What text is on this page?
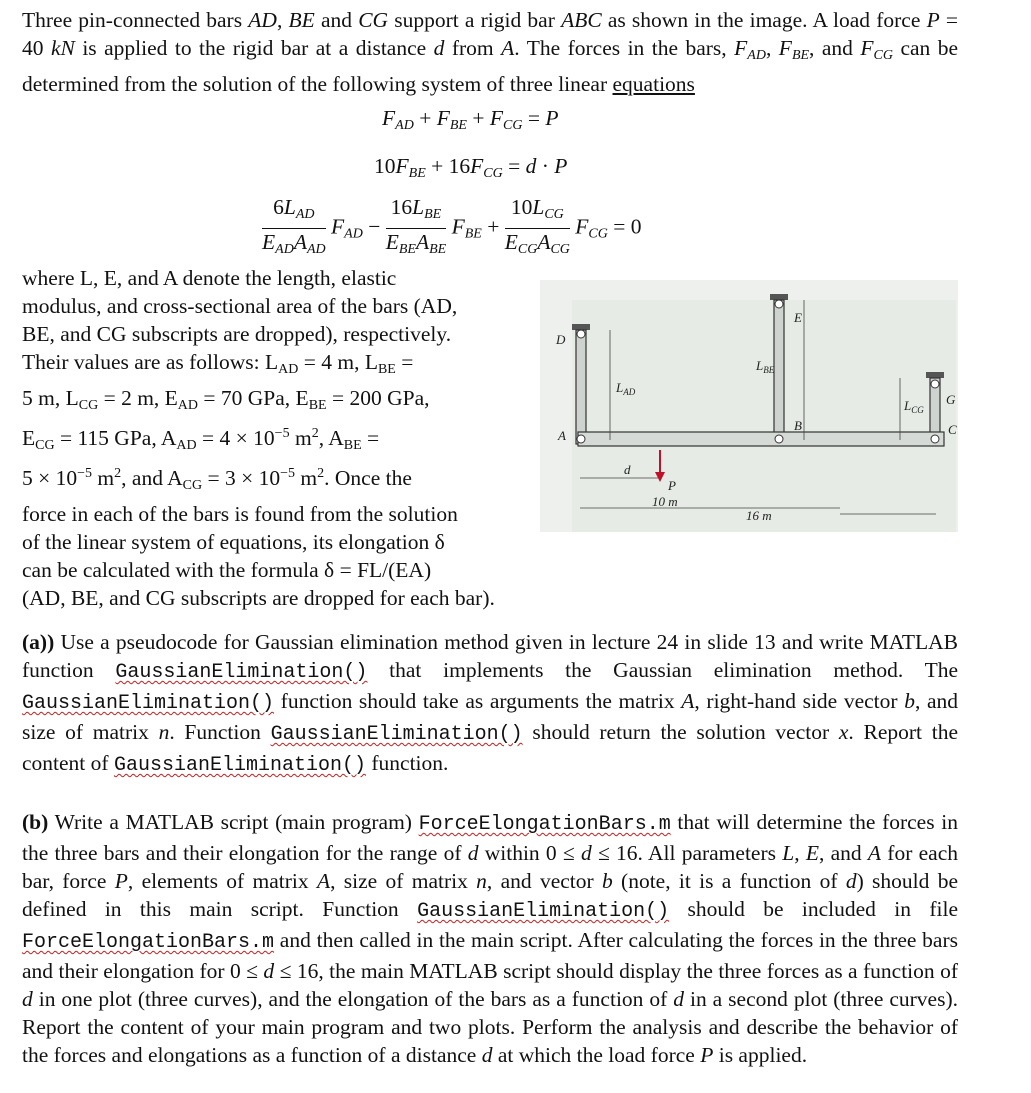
Three pin-connected bars AD, BE and CG support a rigid bar ABC as shown in the image. A load force P = 40 kN is applied to the rigid bar at a distance d from A. The forces in the bars, $F_{AD}$, $F_{BE}$, and $F_{CG}$ can be determined from the solution of the following system of three linear equations

$F_{AD} + F_{BE} + F_{CG} = P$
$10F_{BE} + 16F_{CG} = d \cdot P$
$\frac{6L_{AD}}{E_{AD}A_{AD}} F_{AD} - \frac{16L_{BE}}{E_{BE}A_{BE}} F_{BE} + \frac{10L_{CG}}{E_{CG}A_{CG}} F_{CG} = 0$

where L, E, and A denote the length, elastic
modulus, and cross-sectional area of the bars (AD,
BE, and CG subscripts are dropped), respectively.
Their values are as follows: $L_{AD} = 4$ m, $L_{BE}$ =
5 m, $L_{CG} = 2$ m, $E_{AD} = 70$ GPa, $E_{BE} = 200$ GPa,
$E_{CG} = 115$ GPa, $A_{AD} = 4 \times 10^{-5}$ $m^2$, $A_{BE}$ =
$5 \times 10^{-5}$ $m^2$, and $A_{CG} = 3 \times 10^{-5}$ $m^2$. Once the
force in each of the bars is found from the solution
of the linear system of equations, its elongation δ
can be calculated with the formula δ = FL/(EA)
(AD, BE, and CG subscripts are dropped for each bar).

D
E
A
B
G
C
$L_{AD}$
$L_{BE}$
$L_{CG}$
d
P
10 m
16 m

(a)) Use a pseudocode for Gaussian elimination method given in lecture 24 in slide 13 and write MATLAB function GaussianElimination() that implements the Gaussian elimination method. The GaussianElimination() function should take as arguments the matrix A, right-hand side vector b, and size of matrix n. Function GaussianElimination() should return the solution vector x. Report the content of GaussianElimination() function.

(b) Write a MATLAB script (main program) ForceElongationBars.m that will determine the forces in the three bars and their elongation for the range of d within 0 ≤ d ≤ 16. All parameters L, E, and A for each bar, force P, elements of matrix A, size of matrix n, and vector b (note, it is a function of d) should be defined in this main script. Function GaussianElimination() should be included in file ForceElongationBars.m and then called in the main script. After calculating the forces in the three bars and their elongation for 0 ≤ d ≤ 16, the main MATLAB script should display the three forces as a function of d in one plot (three curves), and the elongation of the bars as a function of d in a second plot (three curves). Report the content of your main program and two plots. Perform the analysis and describe the behavior of the forces and elongations as a function of a distance d at which the load force P is applied.
